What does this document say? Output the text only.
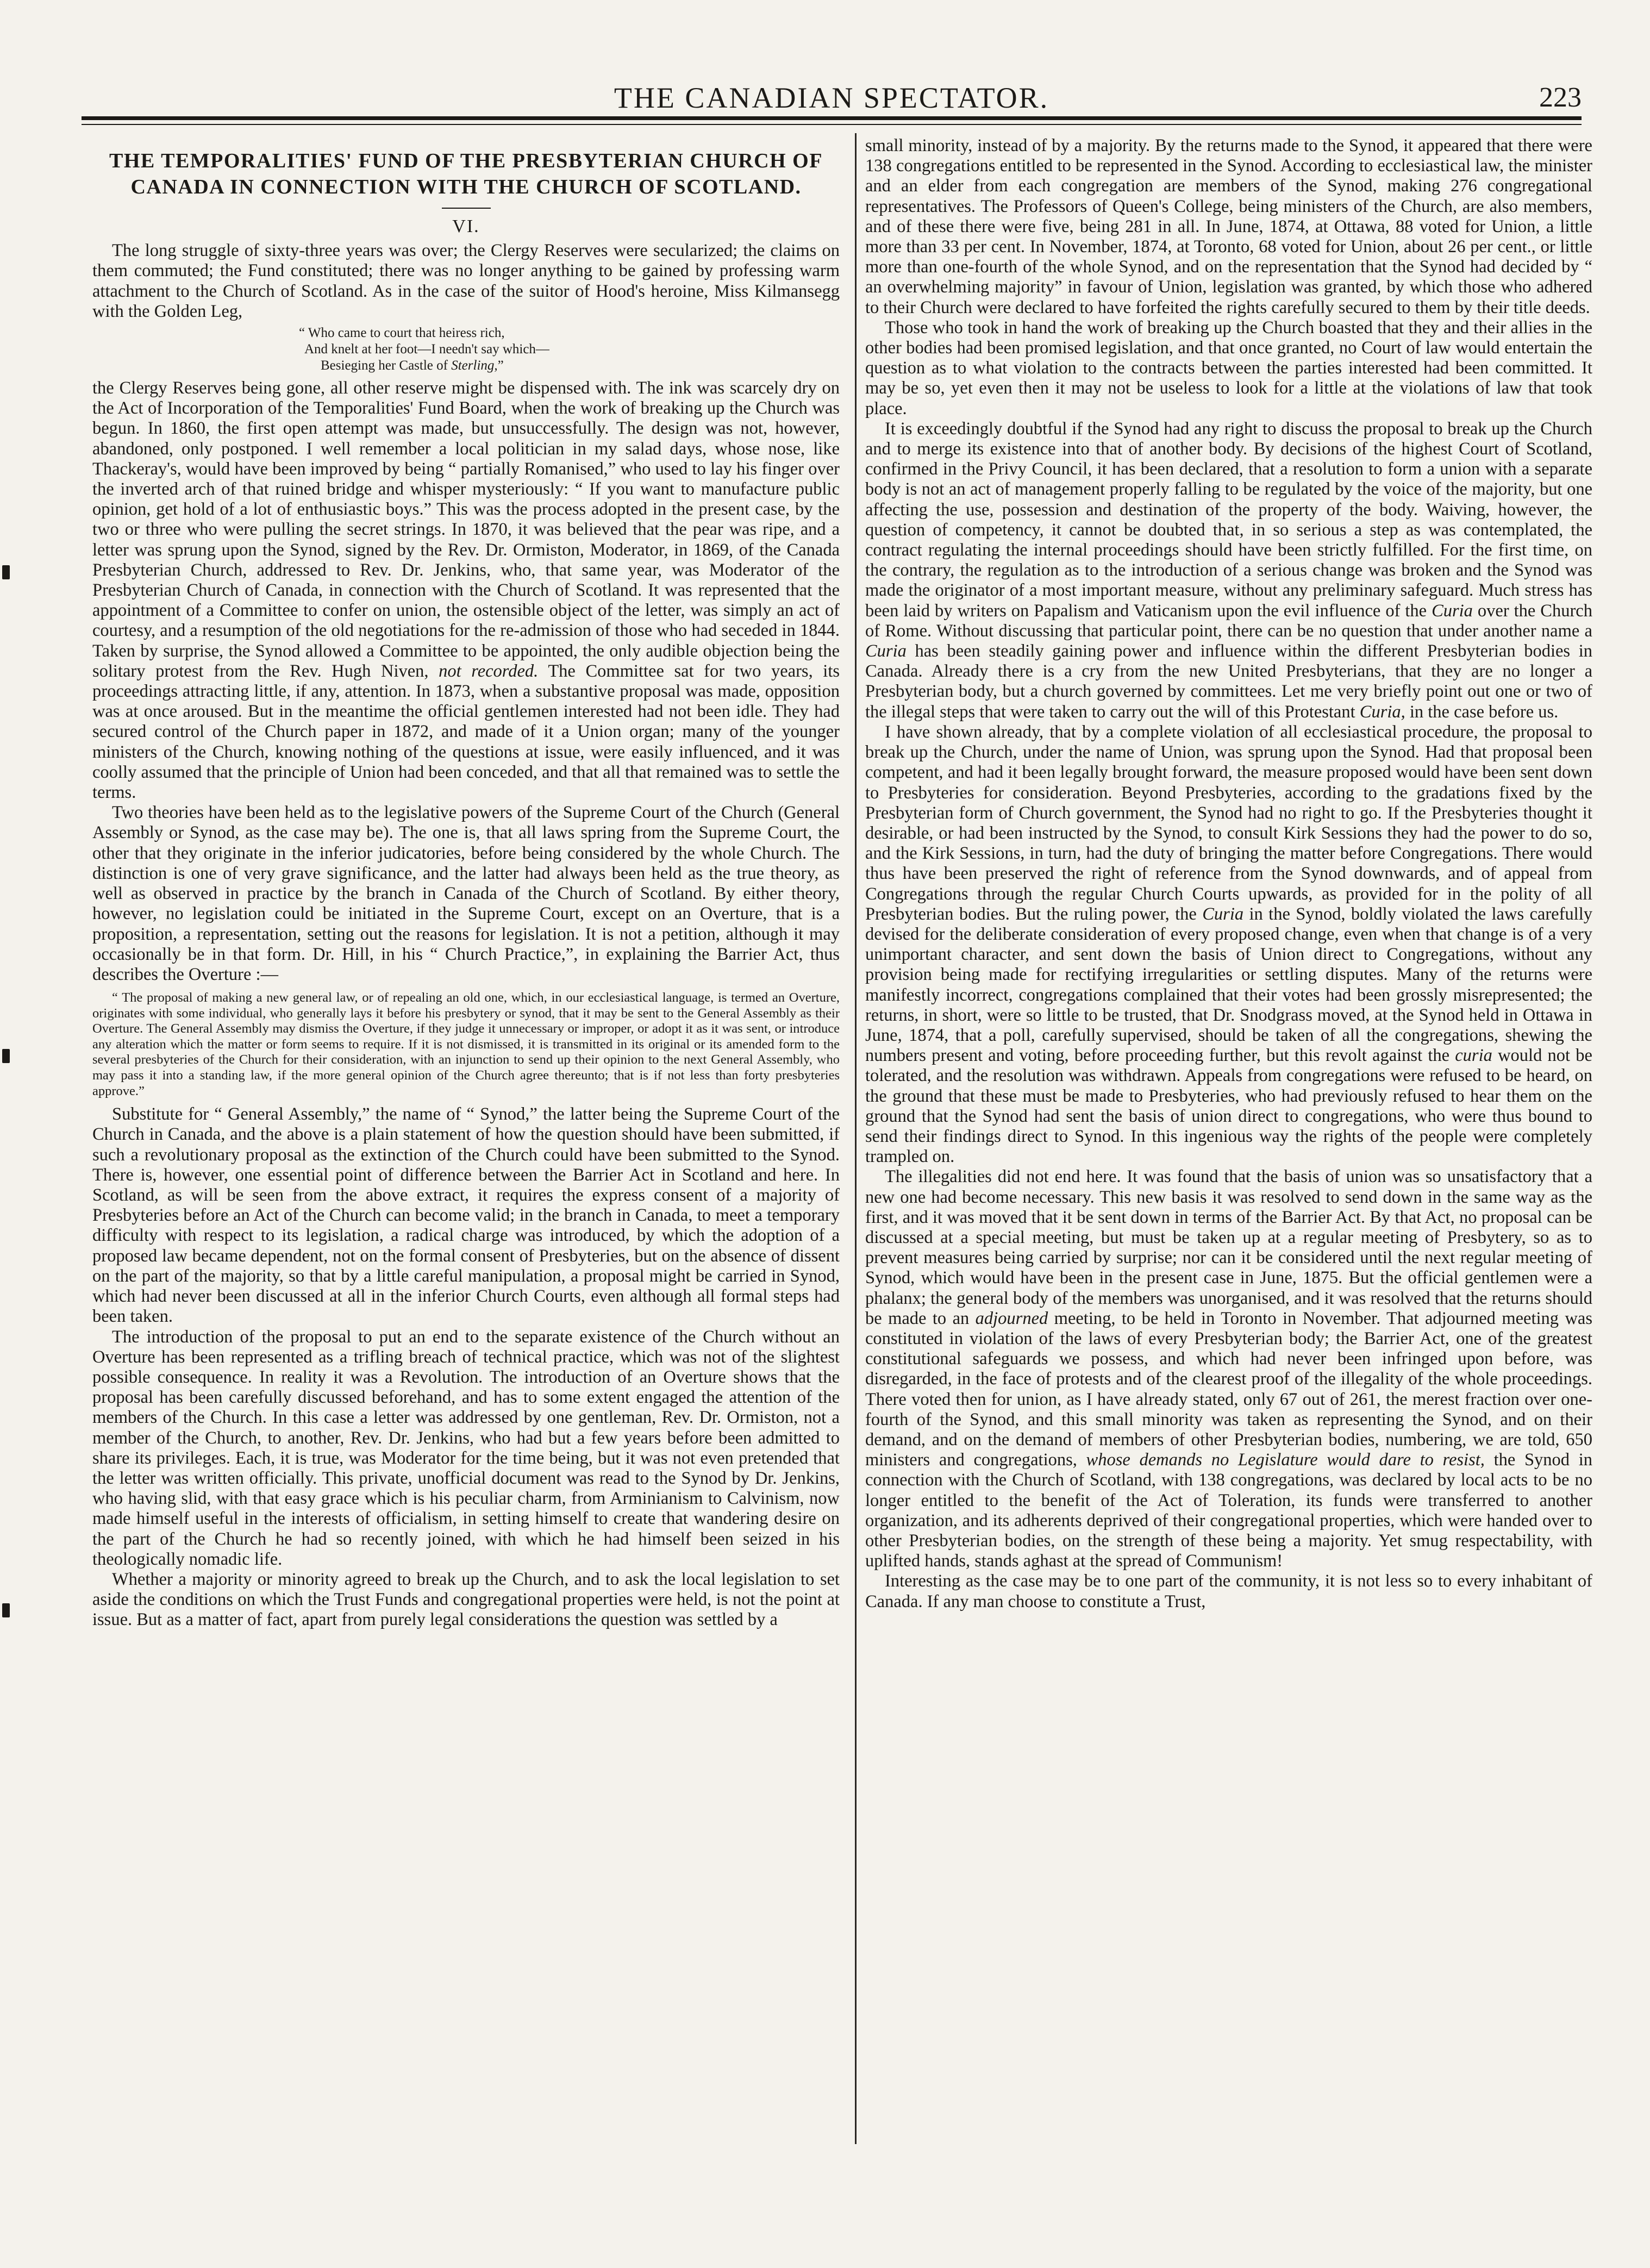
THE CANADIAN SPECTATOR.	223
THE TEMPORALITIES' FUND OF THE PRESBYTERIAN CHURCH OF CANADA IN CONNECTION WITH THE CHURCH OF SCOTLAND.
VI.

The long struggle of sixty-three years was over; the Clergy Reserves were secularized; the claims on them commuted; the Fund constituted; there was no longer anything to be gained by professing warm attachment to the Church of Scotland. As in the case of the suitor of Hood's heroine, Miss Kilmansegg with the Golden Leg,

“ Who came to court that heiress rich,
And knelt at her foot—I needn't say which—
Besieging her Castle of Sterling,”

the Clergy Reserves being gone, all other reserve might be dispensed with. The ink was scarcely dry on the Act of Incorporation of the Temporalities' Fund Board, when the work of breaking up the Church was begun. In 1860, the first open attempt was made, but unsuccessfully. The design was not, however, abandoned, only postponed. I well remember a local politician in my salad days, whose nose, like Thackeray's, would have been improved by being “ partially Romanised,” who used to lay his finger over the inverted arch of that ruined bridge and whisper mysteriously: “ If you want to manufacture public opinion, get hold of a lot of enthusiastic boys.” This was the process adopted in the present case, by the two or three who were pulling the secret strings. In 1870, it was believed that the pear was ripe, and a letter was sprung upon the Synod, signed by the Rev. Dr. Ormiston, Moderator, in 1869, of the Canada Presbyterian Church, addressed to Rev. Dr. Jenkins, who, that same year, was Moderator of the Presbyterian Church of Canada, in connection with the Church of Scotland. It was represented that the appointment of a Committee to confer on union, the ostensible object of the letter, was simply an act of courtesy, and a resumption of the old negotiations for the re-admission of those who had seceded in 1844. Taken by surprise, the Synod allowed a Committee to be appointed, the only audible objection being the solitary protest from the Rev. Hugh Niven, not recorded. The Committee sat for two years, its proceedings attracting little, if any, attention. In 1873, when a substantive proposal was made, opposition was at once aroused. But in the meantime the official gentlemen interested had not been idle. They had secured control of the Church paper in 1872, and made of it a Union organ; many of the younger ministers of the Church, knowing nothing of the questions at issue, were easily influenced, and it was coolly assumed that the principle of Union had been conceded, and that all that remained was to settle the terms.

Two theories have been held as to the legislative powers of the Supreme Court of the Church (General Assembly or Synod, as the case may be). The one is, that all laws spring from the Supreme Court, the other that they originate in the inferior judicatories, before being considered by the whole Church. The distinction is one of very grave significance, and the latter had always been held as the true theory, as well as observed in practice by the branch in Canada of the Church of Scotland. By either theory, however, no legislation could be initiated in the Supreme Court, except on an Overture, that is a proposition, a representation, setting out the reasons for legislation. It is not a petition, although it may occasionally be in that form. Dr. Hill, in his “ Church Practice,”, in explaining the Barrier Act, thus describes the Overture :—

“ The proposal of making a new general law, or of repealing an old one, which, in our ecclesiastical language, is termed an Overture, originates with some individual, who generally lays it before his presbytery or synod, that it may be sent to the General Assembly as their Overture. The General Assembly may dismiss the Overture, if they judge it unnecessary or improper, or adopt it as it was sent, or introduce any alteration which the matter or form seems to require. If it is not dismissed, it is transmitted in its original or its amended form to the several presbyteries of the Church for their consideration, with an injunction to send up their opinion to the next General Assembly, who may pass it into a standing law, if the more general opinion of the Church agree thereunto; that is if not less than forty presbyteries approve.”

Substitute for “ General Assembly,” the name of “ Synod,” the latter being the Supreme Court of the Church in Canada, and the above is a plain statement of how the question should have been submitted, if such a revolutionary proposal as the extinction of the Church could have been submitted to the Synod. There is, however, one essential point of difference between the Barrier Act in Scotland and here. In Scotland, as will be seen from the above extract, it requires the express consent of a majority of Presbyteries before an Act of the Church can become valid; in the branch in Canada, to meet a temporary difficulty with respect to its legislation, a radical charge was introduced, by which the adoption of a proposed law became dependent, not on the formal consent of Presbyteries, but on the absence of dissent on the part of the majority, so that by a little careful manipulation, a proposal might be carried in Synod, which had never been discussed at all in the inferior Church Courts, even although all formal steps had been taken.

The introduction of the proposal to put an end to the separate existence of the Church without an Overture has been represented as a trifling breach of technical practice, which was not of the slightest possible consequence. In reality it was a Revolution. The introduction of an Overture shows that the proposal has been carefully discussed beforehand, and has to some extent engaged the attention of the members of the Church. In this case a letter was addressed by one gentleman, Rev. Dr. Ormiston, not a member of the Church, to another, Rev. Dr. Jenkins, who had but a few years before been admitted to share its privileges. Each, it is true, was Moderator for the time being, but it was not even pretended that the letter was written officially. This private, unofficial document was read to the Synod by Dr. Jenkins, who having slid, with that easy grace which is his peculiar charm, from Arminianism to Calvinism, now made himself useful in the interests of officialism, in setting himself to create that wandering desire on the part of the Church he had so recently joined, with which he had himself been seized in his theologically nomadic life.

Whether a majority or minority agreed to break up the Church, and to ask the local legislation to set aside the conditions on which the Trust Funds and congregational properties were held, is not the point at issue. But as a matter of fact, apart from purely legal considerations the question was settled by a

small minority, instead of by a majority. By the returns made to the Synod, it appeared that there were 138 congregations entitled to be represented in the Synod. According to ecclesiastical law, the minister and an elder from each congregation are members of the Synod, making 276 congregational representatives. The Professors of Queen's College, being ministers of the Church, are also members, and of these there were five, being 281 in all. In June, 1874, at Ottawa, 88 voted for Union, a little more than 33 per cent. In November, 1874, at Toronto, 68 voted for Union, about 26 per cent., or little more than one-fourth of the whole Synod, and on the representation that the Synod had decided by “ an overwhelming majority” in favour of Union, legislation was granted, by which those who adhered to their Church were declared to have forfeited the rights carefully secured to them by their title deeds.

Those who took in hand the work of breaking up the Church boasted that they and their allies in the other bodies had been promised legislation, and that once granted, no Court of law would entertain the question as to what violation to the contracts between the parties interested had been committed. It may be so, yet even then it may not be useless to look for a little at the violations of law that took place.

It is exceedingly doubtful if the Synod had any right to discuss the proposal to break up the Church and to merge its existence into that of another body. By decisions of the highest Court of Scotland, confirmed in the Privy Council, it has been declared, that a resolution to form a union with a separate body is not an act of management properly falling to be regulated by the voice of the majority, but one affecting the use, possession and destination of the property of the body. Waiving, however, the question of competency, it cannot be doubted that, in so serious a step as was contemplated, the contract regulating the internal proceedings should have been strictly fulfilled. For the first time, on the contrary, the regulation as to the introduction of a serious change was broken and the Synod was made the originator of a most important measure, without any preliminary safeguard. Much stress has been laid by writers on Papalism and Vaticanism upon the evil influence of the Curia over the Church of Rome. Without discussing that particular point, there can be no question that under another name a Curia has been steadily gaining power and influence within the different Presbyterian bodies in Canada. Already there is a cry from the new United Presbyterians, that they are no longer a Presbyterian body, but a church governed by committees. Let me very briefly point out one or two of the illegal steps that were taken to carry out the will of this Protestant Curia, in the case before us.

I have shown already, that by a complete violation of all ecclesiastical procedure, the proposal to break up the Church, under the name of Union, was sprung upon the Synod. Had that proposal been competent, and had it been legally brought forward, the measure proposed would have been sent down to Presbyteries for consideration. Beyond Presbyteries, according to the gradations fixed by the Presbyterian form of Church government, the Synod had no right to go. If the Presbyteries thought it desirable, or had been instructed by the Synod, to consult Kirk Sessions they had the power to do so, and the Kirk Sessions, in turn, had the duty of bringing the matter before Congregations. There would thus have been preserved the right of reference from the Synod downwards, and of appeal from Congregations through the regular Church Courts upwards, as provided for in the polity of all Presbyterian bodies. But the ruling power, the Curia in the Synod, boldly violated the laws carefully devised for the deliberate consideration of every proposed change, even when that change is of a very unimportant character, and sent down the basis of Union direct to Congregations, without any provision being made for rectifying irregularities or settling disputes. Many of the returns were manifestly incorrect, congregations complained that their votes had been grossly misrepresented; the returns, in short, were so little to be trusted, that Dr. Snodgrass moved, at the Synod held in Ottawa in June, 1874, that a poll, carefully supervised, should be taken of all the congregations, shewing the numbers present and voting, before proceeding further, but this revolt against the curia would not be tolerated, and the resolution was withdrawn. Appeals from congregations were refused to be heard, on the ground that these must be made to Presbyteries, who had previously refused to hear them on the ground that the Synod had sent the basis of union direct to congregations, who were thus bound to send their findings direct to Synod. In this ingenious way the rights of the people were completely trampled on.

The illegalities did not end here. It was found that the basis of union was so unsatisfactory that a new one had become necessary. This new basis it was resolved to send down in the same way as the first, and it was moved that it be sent down in terms of the Barrier Act. By that Act, no proposal can be discussed at a special meeting, but must be taken up at a regular meeting of Presbytery, so as to prevent measures being carried by surprise; nor can it be considered until the next regular meeting of Synod, which would have been in the present case in June, 1875. But the official gentlemen were a phalanx; the general body of the members was unorganised, and it was resolved that the returns should be made to an adjourned meeting, to be held in Toronto in November. That adjourned meeting was constituted in violation of the laws of every Presbyterian body; the Barrier Act, one of the greatest constitutional safeguards we possess, and which had never been infringed upon before, was disregarded, in the face of protests and of the clearest proof of the illegality of the whole proceedings. There voted then for union, as I have already stated, only 67 out of 261, the merest fraction over one-fourth of the Synod, and this small minority was taken as representing the Synod, and on their demand, and on the demand of members of other Presbyterian bodies, numbering, we are told, 650 ministers and congregations, whose demands no Legislature would dare to resist, the Synod in connection with the Church of Scotland, with 138 congregations, was declared by local acts to be no longer entitled to the benefit of the Act of Toleration, its funds were transferred to another organization, and its adherents deprived of their congregational properties, which were handed over to other Presbyterian bodies, on the strength of these being a majority. Yet smug respectability, with uplifted hands, stands aghast at the spread of Communism!

Interesting as the case may be to one part of the community, it is not less so to every inhabitant of Canada. If any man choose to constitute a Trust,
